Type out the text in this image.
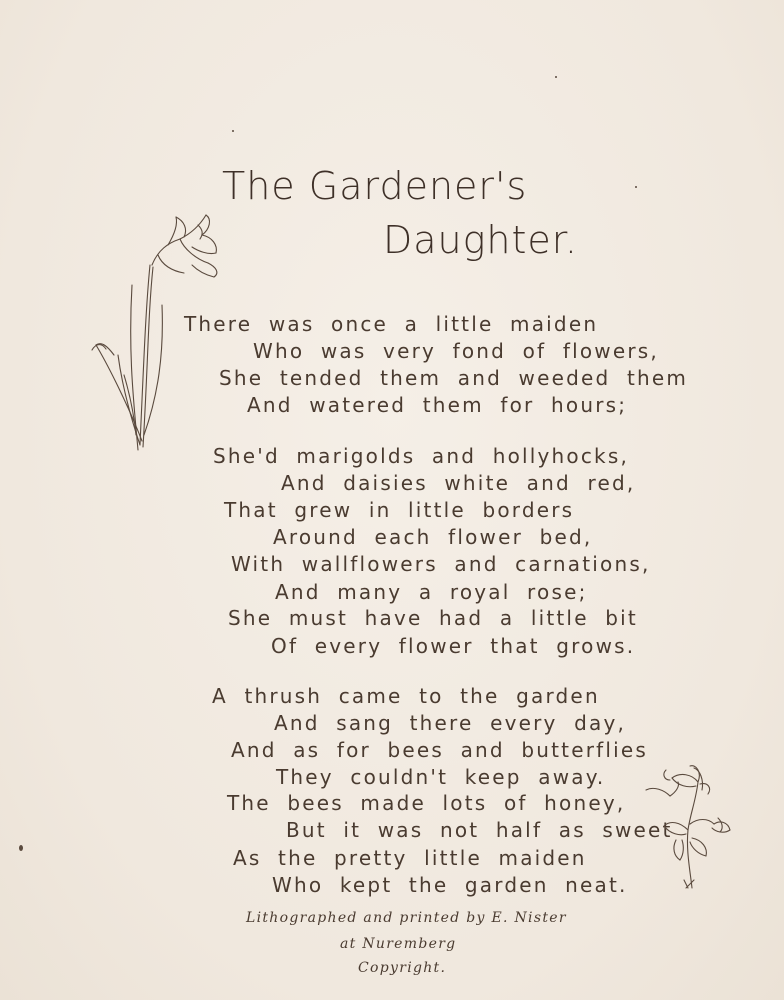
The Gardener's
Daughter.
There was once a little maiden
Who was very fond of flowers,
She tended them and weeded them
And watered them for hours;
She'd marigolds and hollyhocks,
And daisies white and red,
That grew in little borders
Around each flower bed,
With wallflowers and carnations,
And many a royal rose;
She must have had a little bit
Of every flower that grows.
A thrush came to the garden
And sang there every day,
And as for bees and butterflies
They couldn't keep away.
The bees made lots of honey,
But it was not half as sweet
As the pretty little maiden
Who kept the garden neat.
Lithographed and printed by E. Nister
at Nuremberg
Copyright.
